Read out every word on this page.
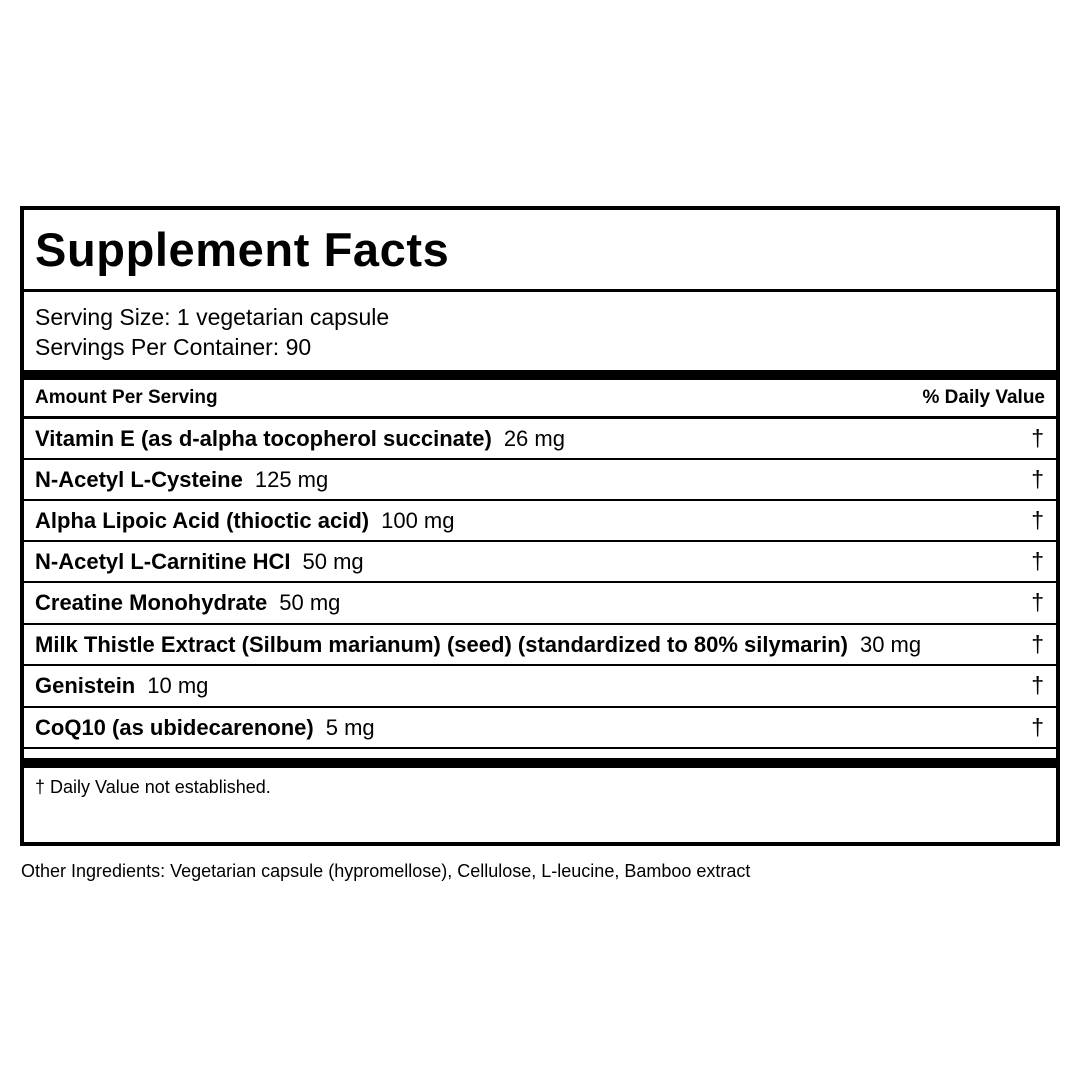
Supplement Facts
Serving Size: 1 vegetarian capsule
Servings Per Container: 90
Amount Per Serving	% Daily Value
Vitamin E (as d-alpha tocopherol succinate) 26 mg	†
N-Acetyl L-Cysteine 125 mg	†
Alpha Lipoic Acid (thioctic acid) 100 mg	†
N-Acetyl L-Carnitine HCI 50 mg	†
Creatine Monohydrate 50 mg	†
Milk Thistle Extract (Silbum marianum) (seed) (standardized to 80% silymarin) 30 mg	†
Genistein 10 mg	†
CoQ10 (as ubidecarenone) 5 mg	†
† Daily Value not established.
Other Ingredients: Vegetarian capsule (hypromellose), Cellulose, L-leucine, Bamboo extract
